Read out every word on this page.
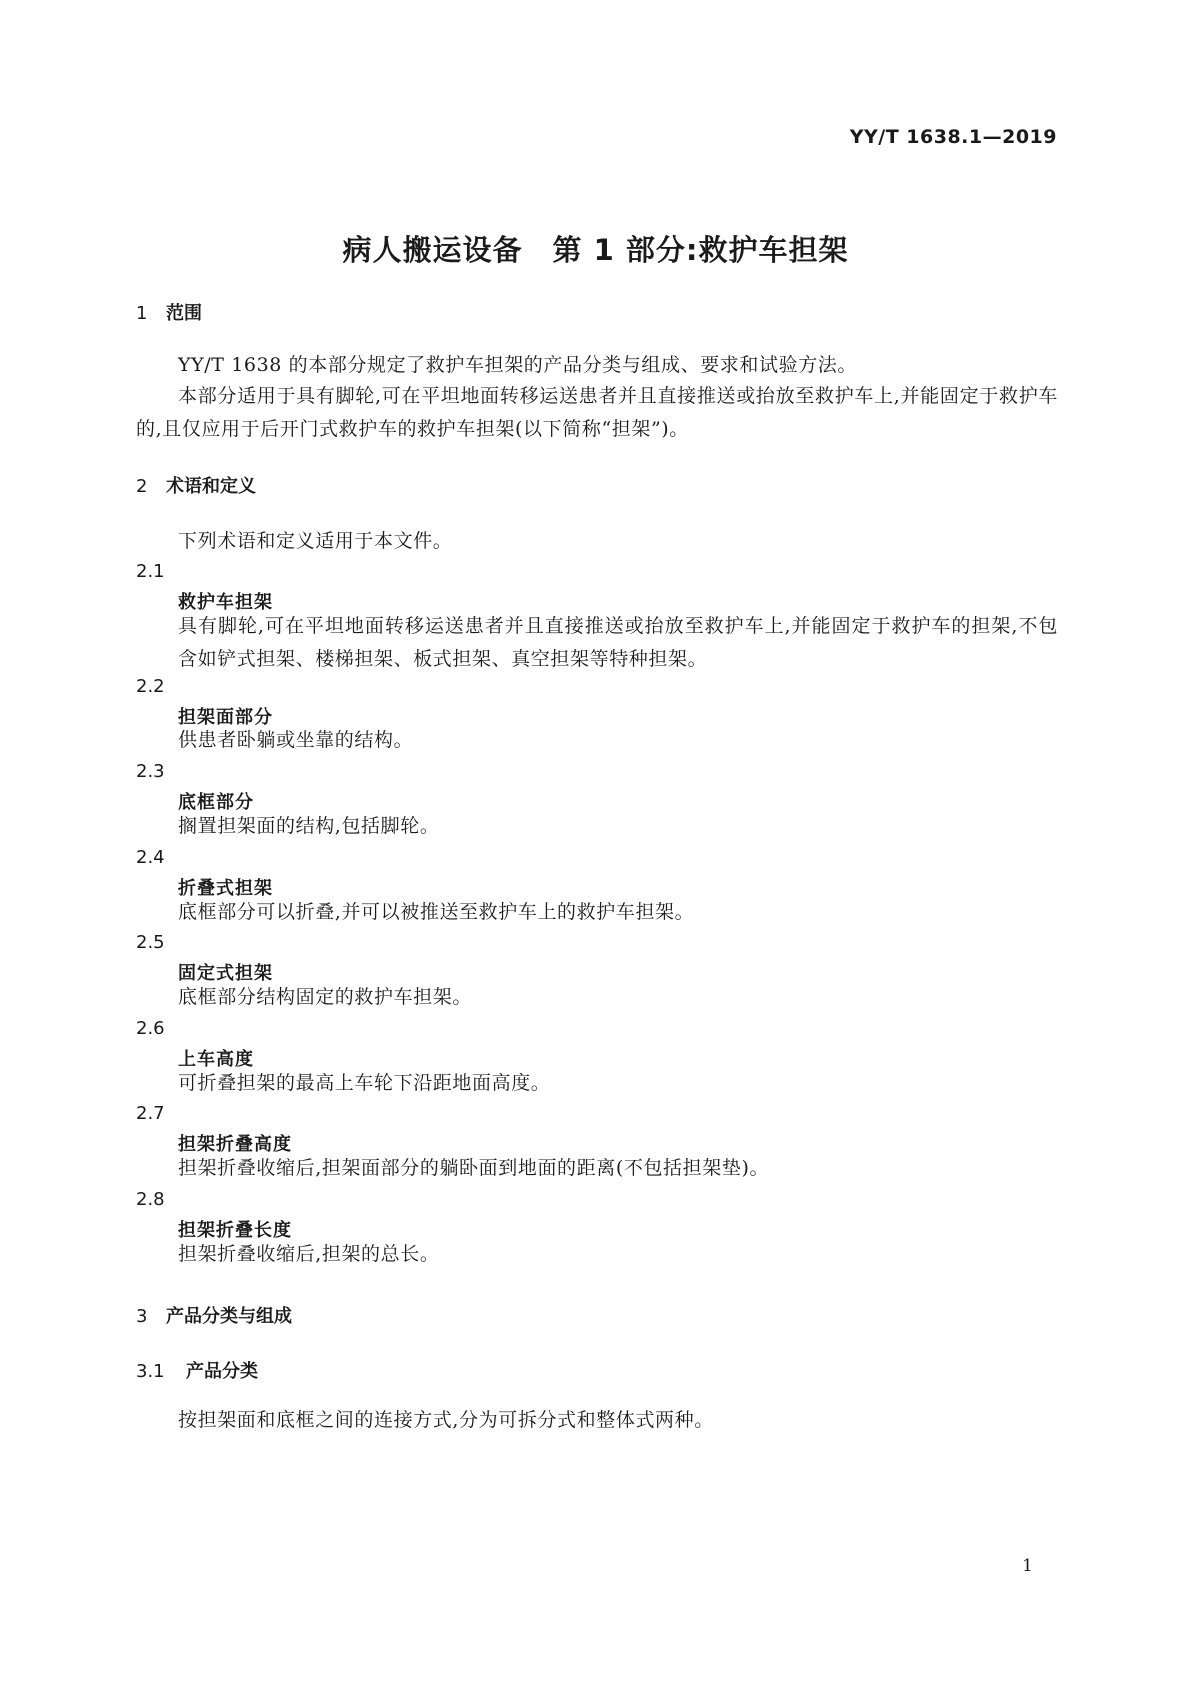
YY/T 1638.1—2019
病人搬运设备　第 1 部分:救护车担架
1 范围
YY/T 1638 的本部分规定了救护车担架的产品分类与组成、要求和试验方法。
本部分适用于具有脚轮,可在平坦地面转移运送患者并且直接推送或抬放至救护车上,并能固定于救护车的,且仅应用于后开门式救护车的救护车担架(以下简称“担架”)。
2 术语和定义
下列术语和定义适用于本文件。
2.1
救护车担架
具有脚轮,可在平坦地面转移运送患者并且直接推送或抬放至救护车上,并能固定于救护车的担架,不包含如铲式担架、楼梯担架、板式担架、真空担架等特种担架。
2.2
担架面部分
供患者卧躺或坐靠的结构。
2.3
底框部分
搁置担架面的结构,包括脚轮。
2.4
折叠式担架
底框部分可以折叠,并可以被推送至救护车上的救护车担架。
2.5
固定式担架
底框部分结构固定的救护车担架。
2.6
上车高度
可折叠担架的最高上车轮下沿距地面高度。
2.7
担架折叠高度
担架折叠收缩后,担架面部分的躺卧面到地面的距离(不包括担架垫)。
2.8
担架折叠长度
担架折叠收缩后,担架的总长。
3 产品分类与组成
3.1 产品分类
按担架面和底框之间的连接方式,分为可拆分式和整体式两种。
1
